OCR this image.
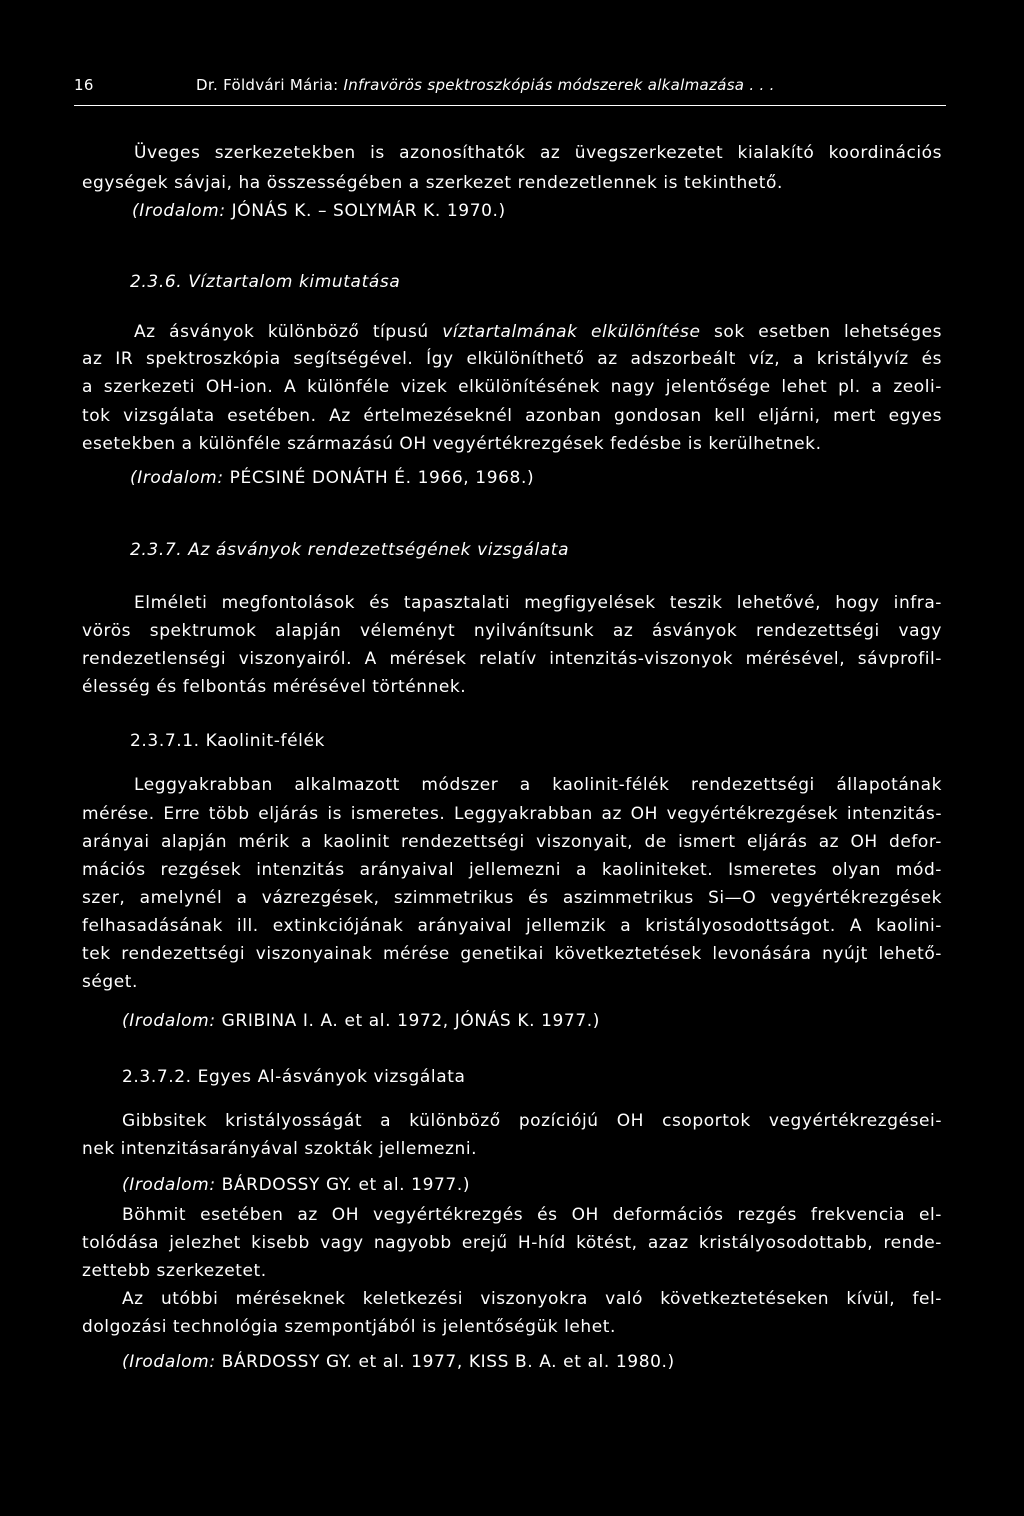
16	Dr. Földvári Mária: Infravörös spektroszkópiás módszerek alkalmazása . . .
Üveges szerkezetekben is azonosíthatók az üvegszerkezetet kialakító koordinációs
egységek sávjai, ha összességében a szerkezet rendezetlennek is tekinthető.
(Irodalom: JÓNÁS K. – SOLYMÁR K. 1970.)
2.3.6. Víztartalom kimutatása
Az ásványok különböző típusú víztartalmának elkülönítése sok esetben lehetséges
az IR spektroszkópia segítségével. Így elkülöníthető az adszorbeált víz, a kristályvíz és
a szerkezeti OH-ion. A különféle vizek elkülönítésének nagy jelentősége lehet pl. a zeoli-
tok vizsgálata esetében. Az értelmezéseknél azonban gondosan kell eljárni, mert egyes
esetekben a különféle származású OH vegyértékrezgések fedésbe is kerülhetnek.
(Irodalom: PÉCSINÉ DONÁTH É. 1966, 1968.)
2.3.7. Az ásványok rendezettségének vizsgálata
Elméleti megfontolások és tapasztalati megfigyelések teszik lehetővé, hogy infra-
vörös spektrumok alapján véleményt nyilvánítsunk az ásványok rendezettségi vagy
rendezetlenségi viszonyairól. A mérések relatív intenzitás-viszonyok mérésével, sávprofil-
élesség és felbontás mérésével történnek.
2.3.7.1. Kaolinit-félék
Leggyakrabban alkalmazott módszer a kaolinit-félék rendezettségi állapotának
mérése. Erre több eljárás is ismeretes. Leggyakrabban az OH vegyértékrezgések intenzitás-
arányai alapján mérik a kaolinit rendezettségi viszonyait, de ismert eljárás az OH defor-
mációs rezgések intenzitás arányaival jellemezni a kaoliniteket. Ismeretes olyan mód-
szer, amelynél a vázrezgések, szimmetrikus és aszimmetrikus Si—O vegyértékrezgések
felhasadásának ill. extinkciójának arányaival jellemzik a kristályosodottságot. A kaolini-
tek rendezettségi viszonyainak mérése genetikai következtetések levonására nyújt lehető-
séget.
(Irodalom: GRIBINA I. A. et al. 1972, JÓNÁS K. 1977.)
2.3.7.2. Egyes Al-ásványok vizsgálata
Gibbsitek kristályosságát a különböző pozíciójú OH csoportok vegyértékrezgései-
nek intenzitásarányával szokták jellemezni.
(Irodalom: BÁRDOSSY GY. et al. 1977.)
Böhmit esetében az OH vegyértékrezgés és OH deformációs rezgés frekvencia el-
tolódása jelezhet kisebb vagy nagyobb erejű H-híd kötést, azaz kristályosodottabb, rende-
zettebb szerkezetet.
Az utóbbi méréseknek keletkezési viszonyokra való következtetéseken kívül, fel-
dolgozási technológia szempontjából is jelentőségük lehet.
(Irodalom: BÁRDOSSY GY. et al. 1977, KISS B. A. et al. 1980.)
